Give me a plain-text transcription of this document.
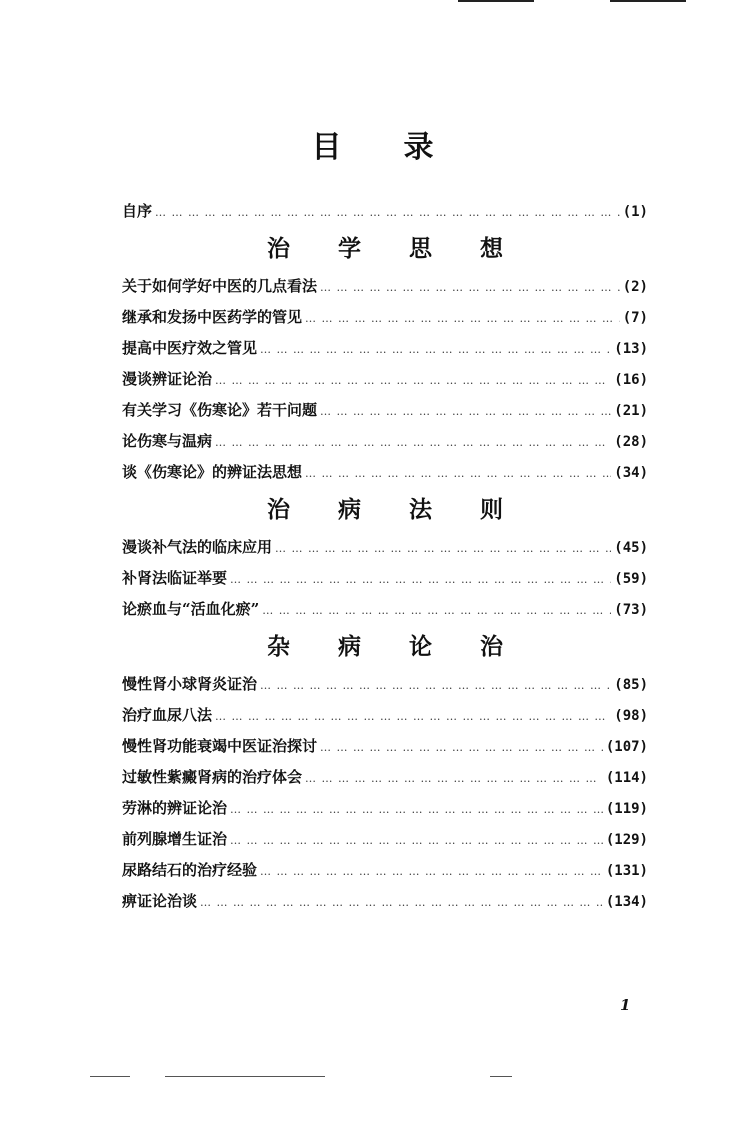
目 录
自序 … … … … … … … … … … … … … … … … … … … … … … … … … … … … … … … … … … … … … … … … … …	(1)
治 学 思 想
关于如何学好中医的几点看法 … … … … … … … … … … … … … … … … … … … … … … … … … … … … … … … … … … … … … … … … … …	(2)
继承和发扬中医药学的管见 … … … … … … … … … … … … … … … … … … … … … … … … … … … … … … … … … … … … … … … … … …	(7)
提高中医疗效之管见 … … … … … … … … … … … … … … … … … … … … … … … … … … … … … … … … … … … … … … … … … …	(13)
漫谈辨证论治 … … … … … … … … … … … … … … … … … … … … … … … … … … … … … … … … … … … … … … … … … …	(16)
有关学习《伤寒论》若干问题 … … … … … … … … … … … … … … … … … … … … … … … … … … … … … … … … … … … … … … … … … …	(21)
论伤寒与温病 … … … … … … … … … … … … … … … … … … … … … … … … … … … … … … … … … … … … … … … … … …	(28)
谈《伤寒论》的辨证法思想 … … … … … … … … … … … … … … … … … … … … … … … … … … … … … … … … … … … … … … … … … …	(34)
治 病 法 则
漫谈补气法的临床应用 … … … … … … … … … … … … … … … … … … … … … … … … … … … … … … … … … … … … … … … … … …	(45)
补肾法临证举要 … … … … … … … … … … … … … … … … … … … … … … … … … … … … … … … … … … … … … … … … … …	(59)
论瘀血与“活血化瘀” … … … … … … … … … … … … … … … … … … … … … … … … … … … … … … … … … … … … … … … … … …	(73)
杂 病 论 治
慢性肾小球肾炎证治 … … … … … … … … … … … … … … … … … … … … … … … … … … … … … … … … … … … … … … … … … …	(85)
治疗血尿八法 … … … … … … … … … … … … … … … … … … … … … … … … … … … … … … … … … … … … … … … … … …	(98)
慢性肾功能衰竭中医证治探讨 … … … … … … … … … … … … … … … … … … … … … … … … … … … … … … … … … … … … … … … … … …	(107)
过敏性紫癜肾病的治疗体会 … … … … … … … … … … … … … … … … … … … … … … … … … … … … … … … … … … … … … … … … … …	(114)
劳淋的辨证论治 … … … … … … … … … … … … … … … … … … … … … … … … … … … … … … … … … … … … … … … … … …	(119)
前列腺增生证治 … … … … … … … … … … … … … … … … … … … … … … … … … … … … … … … … … … … … … … … … … …	(129)
尿路结石的治疗经验 … … … … … … … … … … … … … … … … … … … … … … … … … … … … … … … … … … … … … … … … … …	(131)
痹证论治谈 … … … … … … … … … … … … … … … … … … … … … … … … … … … … … … … … … … … … … … … … … …	(134)
1
